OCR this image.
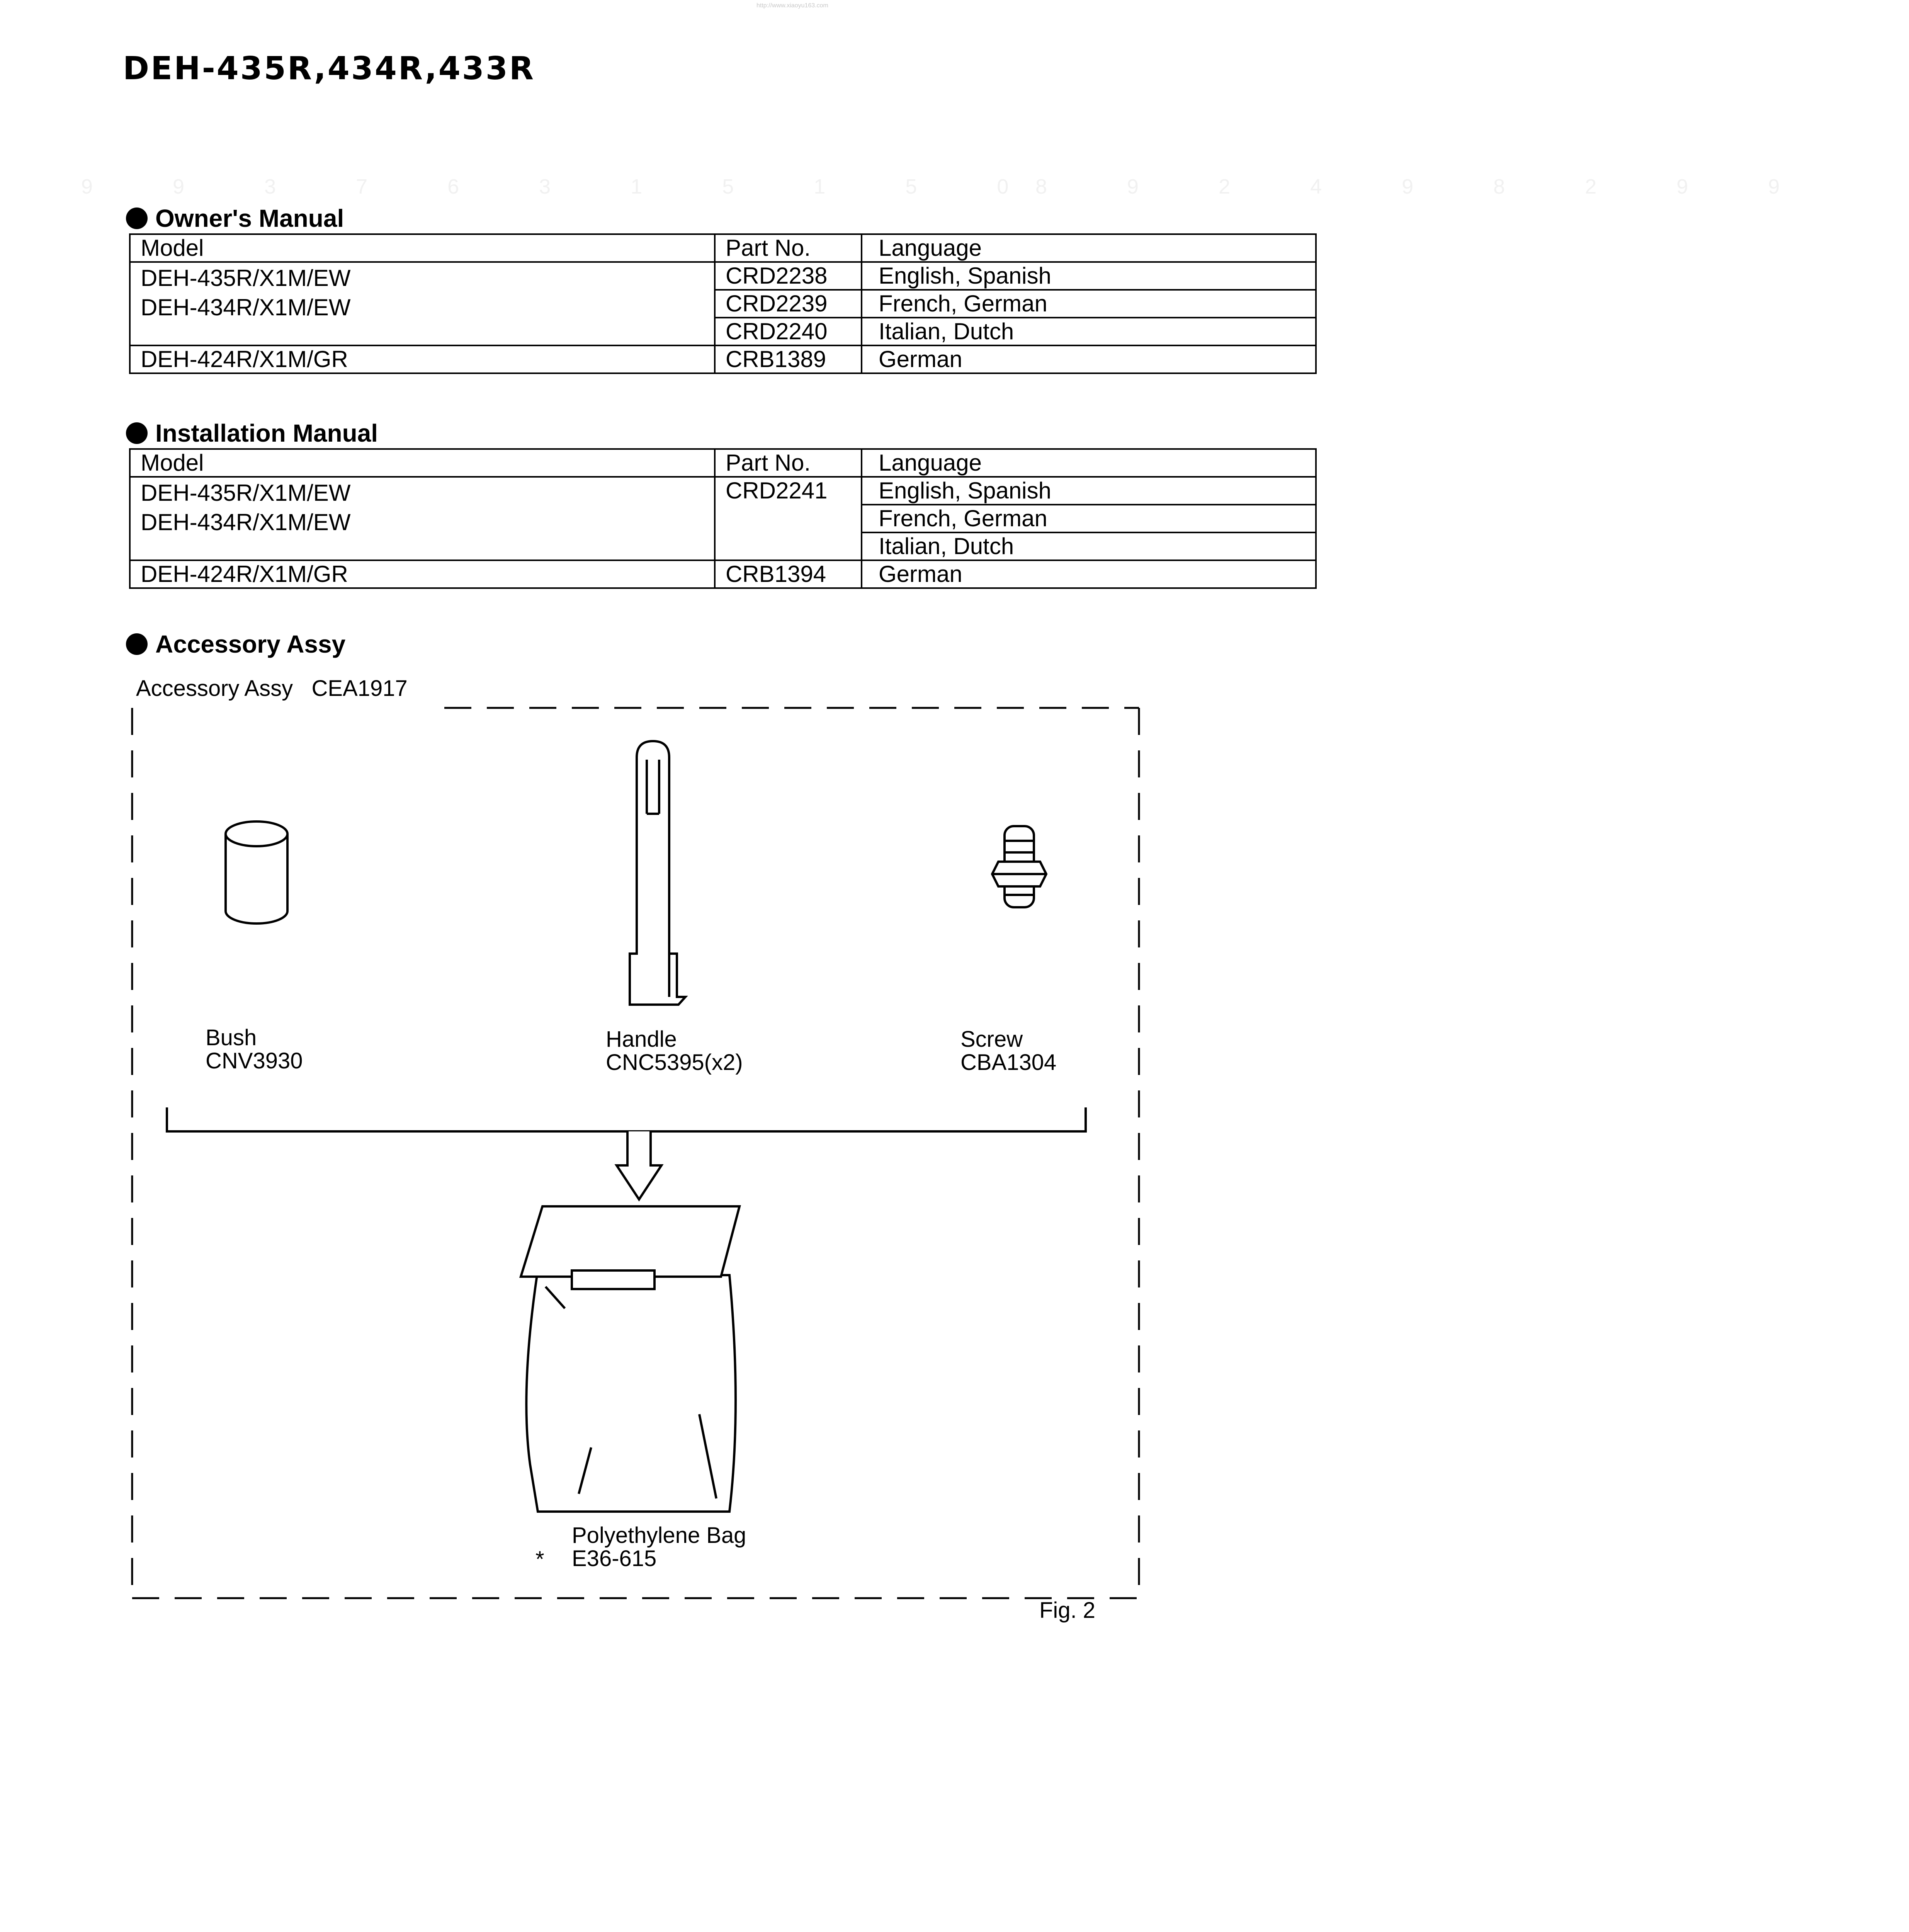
http://www.xiaoyu163.com
DEH-435R,434R,433R
9 9 3 7 6 3 1 5 1 5 0
8 9 2 4 9 8 2 9 9
Owner's Manual
Model	Part No.	Language

DEH-435R/X1M/EW
DEH-434R/X1M/EW	CRD2238	English, Spanish
	CRD2239	French, German
	CRD2240	Italian, Dutch
DEH-424R/X1M/GR	CRB1389	German
Installation Manual
Model	Part No.	Language

DEH-435R/X1M/EW
DEH-434R/X1M/EW	CRD2241	English, Spanish
		French, German
		Italian, Dutch
DEH-424R/X1M/GR	CRB1394	German
Accessory Assy
Accessory Assy CEA1917
Bush
CNV3930
Handle
CNC5395(x2)
Screw
CBA1304
Polyethylene Bag
* E36-615
Fig. 2
